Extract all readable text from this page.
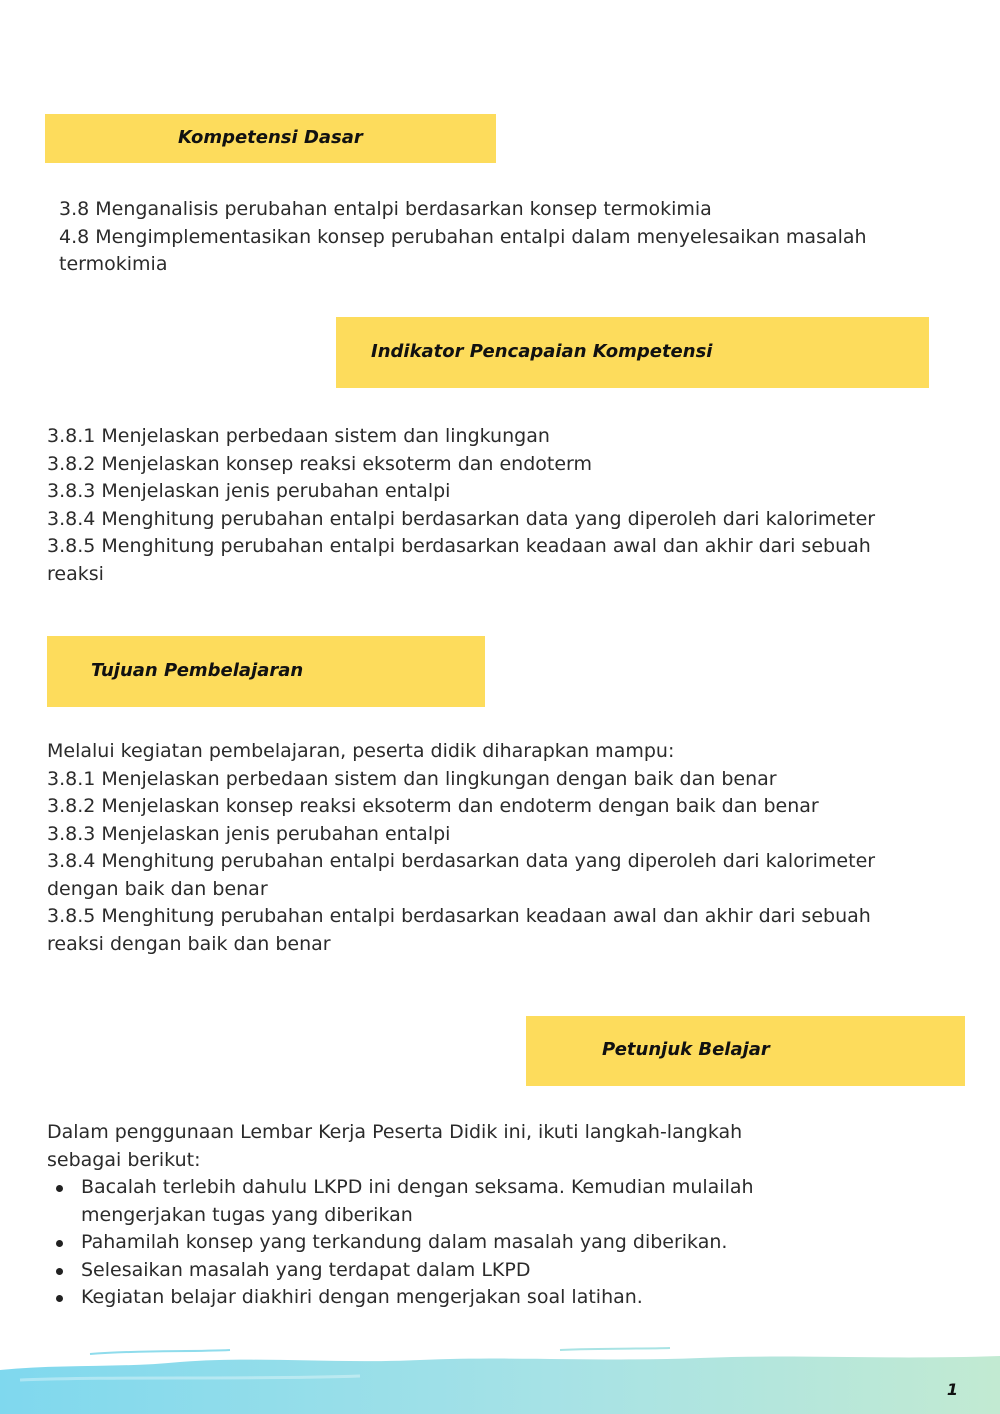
Kompetensi Dasar

3.8 Menganalisis perubahan entalpi berdasarkan konsep termokimia

4.8 Mengimplementasikan konsep perubahan entalpi dalam menyelesaikan masalah termokimia

Indikator Pencapaian Kompetensi

3.8.1 Menjelaskan perbedaan sistem dan lingkungan

3.8.2 Menjelaskan konsep reaksi eksoterm dan endoterm

3.8.3 Menjelaskan jenis perubahan entalpi

3.8.4 Menghitung perubahan entalpi berdasarkan data yang diperoleh dari kalorimeter

3.8.5 Menghitung perubahan entalpi berdasarkan keadaan awal dan akhir dari sebuah reaksi

Tujuan Pembelajaran

Melalui kegiatan pembelajaran, peserta didik diharapkan mampu:

3.8.1 Menjelaskan perbedaan sistem dan lingkungan dengan baik dan benar

3.8.2 Menjelaskan konsep reaksi eksoterm dan endoterm dengan baik dan benar

3.8.3 Menjelaskan jenis perubahan entalpi

3.8.4 Menghitung perubahan entalpi berdasarkan data yang diperoleh dari kalorimeter dengan baik dan benar

3.8.5 Menghitung perubahan entalpi berdasarkan keadaan awal dan akhir dari sebuah reaksi dengan baik dan benar

Petunjuk Belajar

Dalam penggunaan Lembar Kerja Peserta Didik ini, ikuti langkah-langkah sebagai berikut:

Bacalah terlebih dahulu LKPD ini dengan seksama. Kemudian mulailah mengerjakan tugas yang diberikan
Pahamilah konsep yang terkandung dalam masalah yang diberikan.
Selesaikan masalah yang terdapat dalam LKPD
Kegiatan belajar diakhiri dengan mengerjakan soal latihan.
1
